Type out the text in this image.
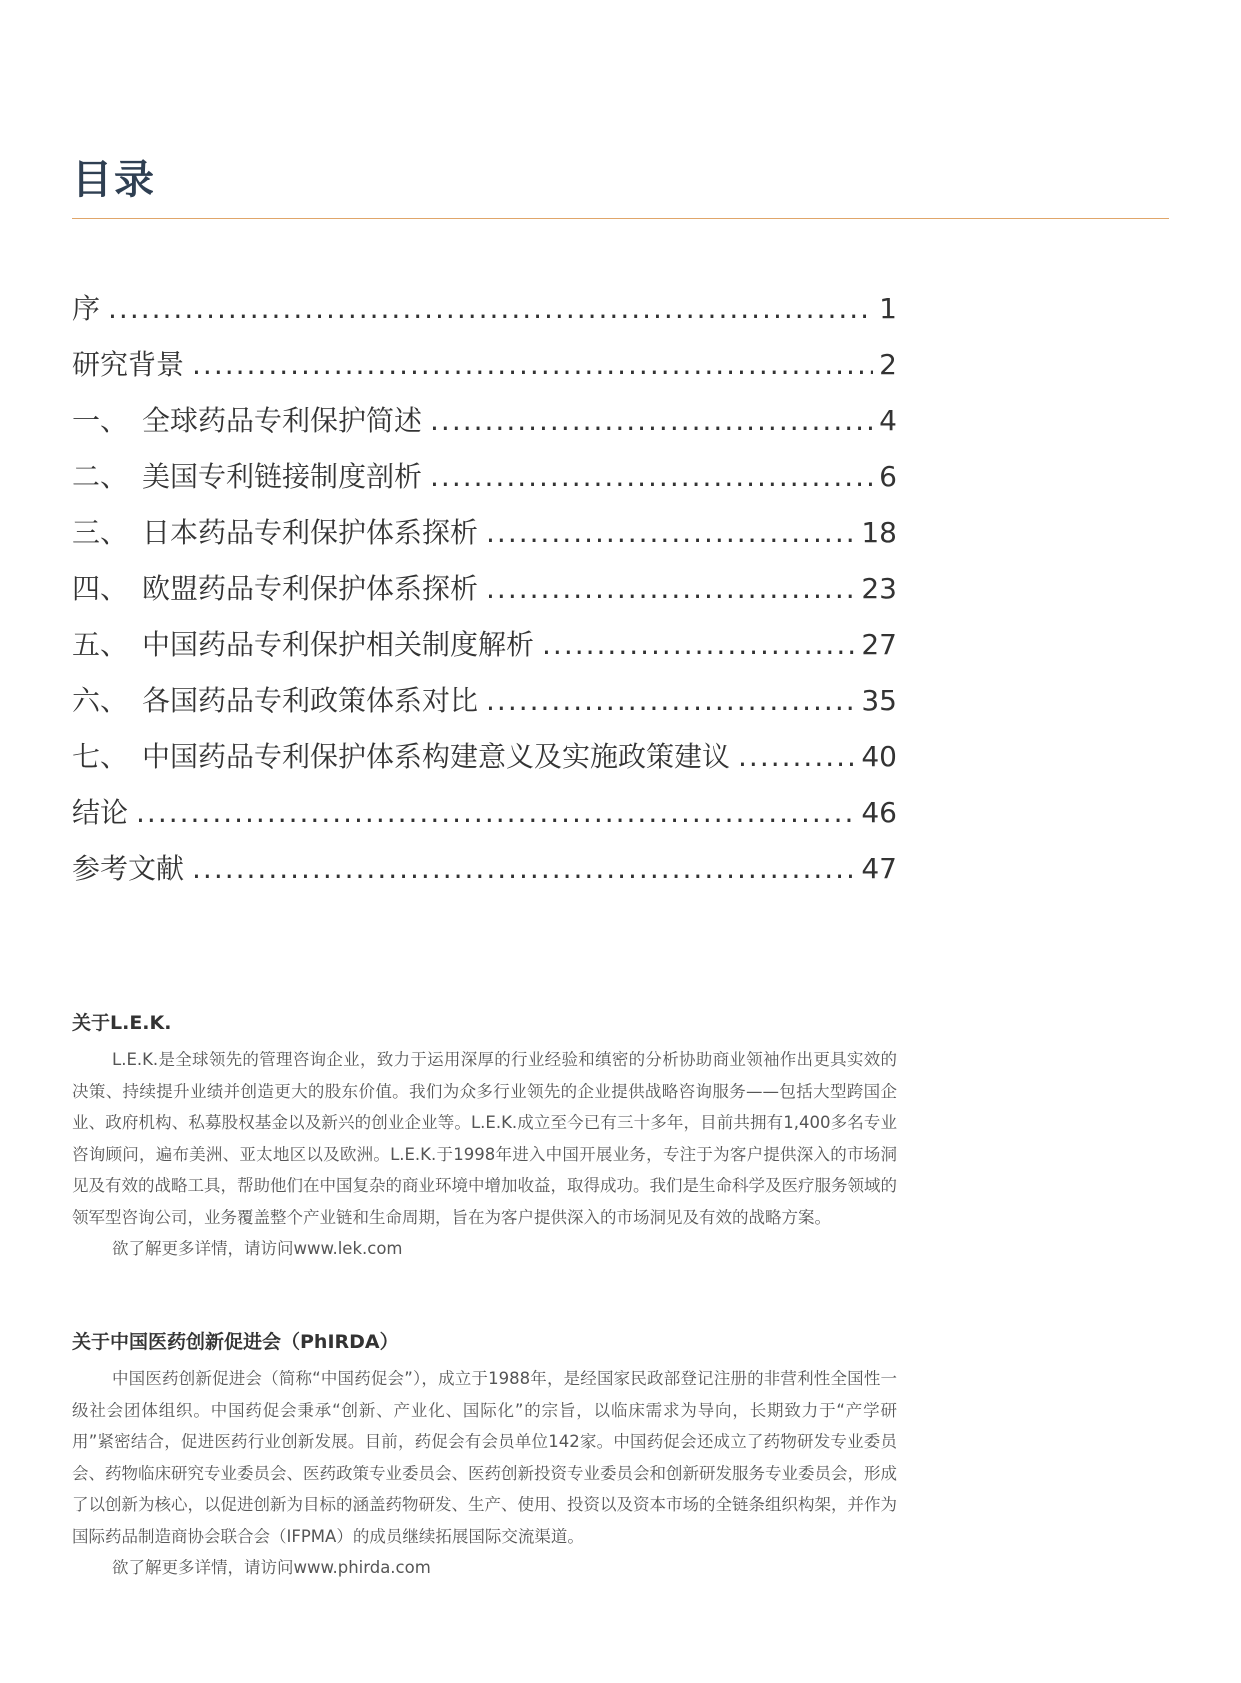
目录
序 .....	1
研究背景 .....	2
一、 全球药品专利保护简述 .....	4
二、 美国专利链接制度剖析 .....	6
三、 日本药品专利保护体系探析 .....	18
四、 欧盟药品专利保护体系探析 .....	23
五、 中国药品专利保护相关制度解析 .....	27
六、 各国药品专利政策体系对比 .....	35
七、 中国药品专利保护体系构建意义及实施政策建议 .....	40
结论 .....	46
参考文献 .....	47
关于L.E.K.

L.E.K.是全球领先的管理咨询企业，致力于运用深厚的行业经验和缜密的分析协助商业领袖作出更具实效的决策、持续提升业绩并创造更大的股东价值。我们为众多行业领先的企业提供战略咨询服务——包括大型跨国企业、政府机构、私募股权基金以及新兴的创业企业等。L.E.K.成立至今已有三十多年，目前共拥有1,400多名专业咨询顾问，遍布美洲、亚太地区以及欧洲。L.E.K.于1998年进入中国开展业务，专注于为客户提供深入的市场洞见及有效的战略工具，帮助他们在中国复杂的商业环境中增加收益，取得成功。我们是生命科学及医疗服务领域的领军型咨询公司，业务覆盖整个产业链和生命周期，旨在为客户提供深入的市场洞见及有效的战略方案。

欲了解更多详情，请访问www.lek.com

关于中国医药创新促进会（PhIRDA）

中国医药创新促进会（简称“中国药促会”），成立于1988年，是经国家民政部登记注册的非营利性全国性一级社会团体组织。中国药促会秉承“创新、产业化、国际化”的宗旨，以临床需求为导向，长期致力于“产学研用”紧密结合，促进医药行业创新发展。目前，药促会有会员单位142家。中国药促会还成立了药物研发专业委员会、药物临床研究专业委员会、医药政策专业委员会、医药创新投资专业委员会和创新研发服务专业委员会，形成了以创新为核心，以促进创新为目标的涵盖药物研发、生产、使用、投资以及资本市场的全链条组织构架，并作为国际药品制造商协会联合会（IFPMA）的成员继续拓展国际交流渠道。

欲了解更多详情，请访问www.phirda.com
